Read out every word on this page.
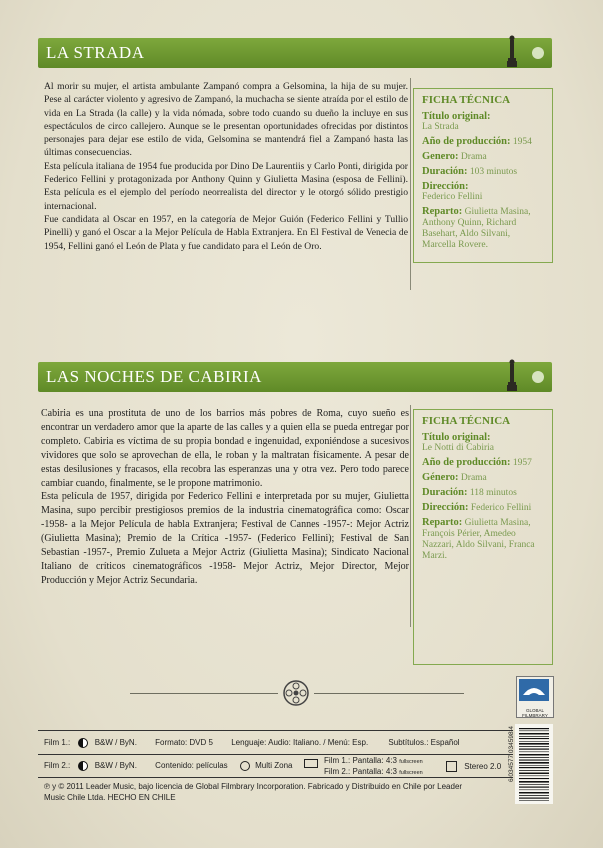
LA STRADA

Al morir su mujer, el artista ambulante Zampanó compra a Gelsomina, la hija de su mujer. Pese al carácter violento y agresivo de Zampanó, la muchacha se siente atraída por el estilo de vida en La Strada (la calle) y la vida nómada, sobre todo cuando su dueño la incluye en sus espectáculos de circo callejero. Aunque se le presentan oportunidades ofrecidas por distintos personajes para dejar ese estilo de vida, Gelsomina se mantendrá fiel a Zampanó hasta las últimas consecuencias.

Esta película italiana de 1954 fue producida por Dino De Laurentiis y Carlo Ponti, dirigida por Federico Fellini y protagonizada por Anthony Quinn y Giulietta Masina (esposa de Fellini). Esta película es el ejemplo del período neorrealista del director y le otorgó sólido prestigio internacional.

Fue candidata al Oscar en 1957, en la categoría de Mejor Guión (Federico Fellini y Tullio Pinelli) y ganó el Oscar a la Mejor Película de Habla Extranjera. En El Festival de Venecia de 1954, Fellini ganó el León de Plata y fue candidato para el León de Oro.

FICHA TÉCNICA
Título original:
La Strada
Año de producción: 1954
Genero: Drama
Duración: 103 minutos
Dirección:
Federico Fellini
Reparto: Giulietta Masina, Anthony Quinn, Richard Basehart, Aldo Silvani, Marcella Rovere.
LAS NOCHES DE CABIRIA

Cabiria es una prostituta de uno de los barrios más pobres de Roma, cuyo sueño es encontrar un verdadero amor que la aparte de las calles y a quien ella se pueda entregar por completo. Cabiria es víctima de su propia bondad e ingenuidad, exponiéndose a sucesivos vividores que solo se aprovechan de ella, le roban y la maltratan físicamente. A pesar de estas desilusiones y fracasos, ella recobra las esperanzas una y otra vez. Pero todo parece cambiar cuando, finalmente, se le propone matrimonio.

Esta película de 1957, dirigida por Federico Fellini e interpretada por su mujer, Giulietta Masina, supo percibir prestigiosos premios de la industria cinematográfica como: Oscar -1958- a la Mejor Película de habla Extranjera; Festival de Cannes -1957-: Mejor Actriz (Giulietta Masina); Premio de la Crítica -1957- (Federico Fellini); Festival de San Sebastian -1957-, Premio Zulueta a Mejor Actriz (Giulietta Masina); Sindicato Nacional Italiano de críticos cinematográficos -1958- Mejor Actriz, Mejor Director, Mejor Producción y Mejor Actriz Secundaria.

FICHA TÉCNICA
Título original:
Le Notti di Cabiria
Año de producción: 1957
Género: Drama
Duración: 118 minutos
Dirección: Federico Fellini
Reparto: Giulietta Masina, François Périer, Amedeo Nazzari, Aldo Silvani, Franca Marzi.
GLOBAL FILMBRARY
Film 1.:	B&W / ByN. Formato: DVD 5 Lenguaje: Audio: Italiano. / Menú: Esp.	Subtítulos.: Español
Film 2.:	B&W / ByN. Contenido: películas	Multi Zona
Film 1.: Pantalla: 4:3 fullscreen
Film 2.: Pantalla: 4:3 fullscreen
Stereo 2.0
℗ y © 2011 Leader Music, bajo licencia de Global Filmbrary Incorporation. Fabricado y Distribuido en Chile por Leader Music Chile Ltda. HECHO EN CHILE
6 034577 034598 4
